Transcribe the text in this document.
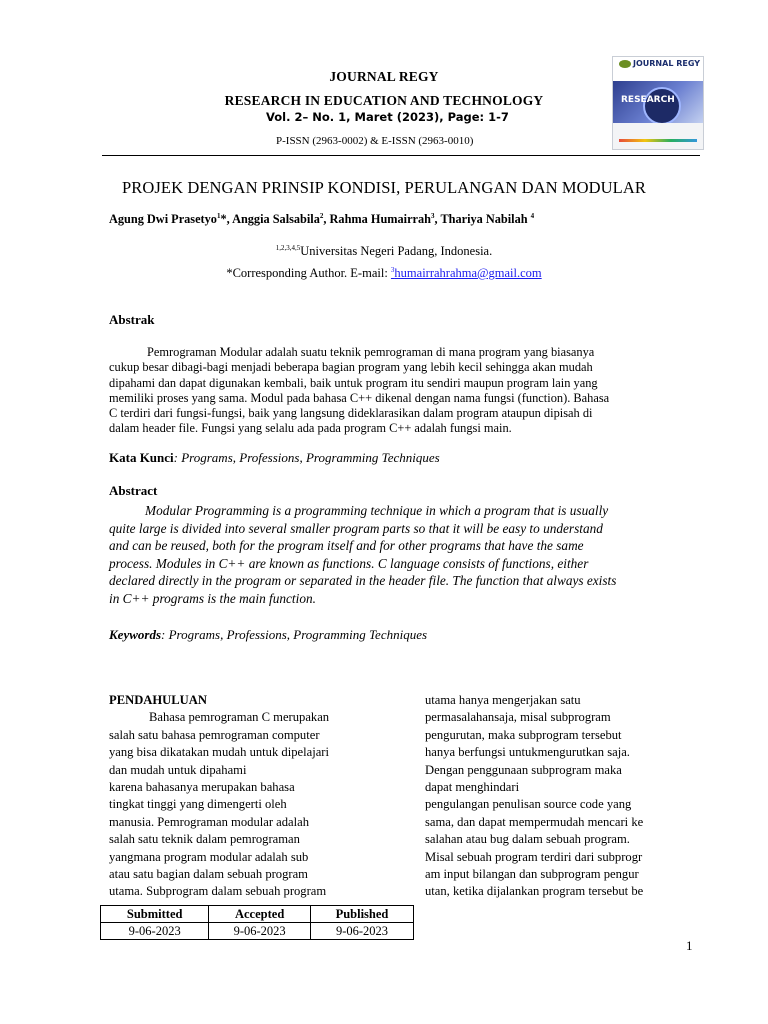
JOURNAL REGY
RESEARCH IN EDUCATION AND TECHNOLOGY
Vol. 2– No. 1, Maret (2023), Page: 1-7
P-ISSN (2963-0002) & E-ISSN (2963-0010)
JOURNAL REGY
RESEARCH
PROJEK DENGAN PRINSIP KONDISI, PERULANGAN DAN MODULAR
Agung Dwi Prasetyo$^1$*, Anggia Salsabila$^2$, Rahma Humairrah$^3$, Thariya Nabilah $^4$
$^{1,2,3,4,5}$Universitas Negeri Padang, Indonesia.
*Corresponding Author. E-mail: $^3$humairrahrahma@gmail.com
Abstrak
Pemrograman Modular adalah suatu teknik pemrograman di mana program yang biasanya
cukup besar dibagi-bagi menjadi beberapa bagian program yang lebih kecil sehingga akan mudah
dipahami dan dapat digunakan kembali, baik untuk program itu sendiri maupun program lain yang
memiliki proses yang sama. Modul pada bahasa C++ dikenal dengan nama fungsi (function). Bahasa
C terdiri dari fungsi-fungsi, baik yang langsung dideklarasikan dalam program ataupun dipisah di
dalam header file. Fungsi yang selalu ada pada program C++ adalah fungsi main.
Kata Kunci: Programs, Professions, Programming Techniques
Abstract
Modular Programming is a programming technique in which a program that is usually
quite large is divided into several smaller program parts so that it will be easy to understand
and can be reused, both for the program itself and for other programs that have the same
process. Modules in C++ are known as functions. C language consists of functions, either
declared directly in the program or separated in the header file. The function that always exists
in C++ programs is the main function.
Keywords: Programs, Professions, Programming Techniques
PENDAHULUAN
Bahasa pemrograman C merupakan
salah satu bahasa pemrograman computer
yang bisa dikatakan mudah untuk dipelajari
dan mudah untuk dipahami
karena bahasanya merupakan bahasa
tingkat tinggi yang dimengerti oleh
manusia. Pemrograman modular adalah
salah satu teknik dalam pemrograman
yangmana program modular adalah sub
atau satu bagian dalam sebuah program
utama. Subprogram dalam sebuah program
utama hanya mengerjakan satu
permasalahansaja, misal subprogram
pengurutan, maka subprogram tersebut
hanya berfungsi untukmengurutkan saja.
Dengan penggunaan subprogram maka
dapat menghindari
pengulangan penulisan source code yang
sama, dan dapat mempermudah mencari ke
salahan atau bug dalam sebuah program.
Misal sebuah program terdiri dari subprogr
am input bilangan dan subprogram pengur
utan, ketika dijalankan program tersebut be
Submitted	Accepted	Published
9-06-2023	9-06-2023	9-06-2023
1
